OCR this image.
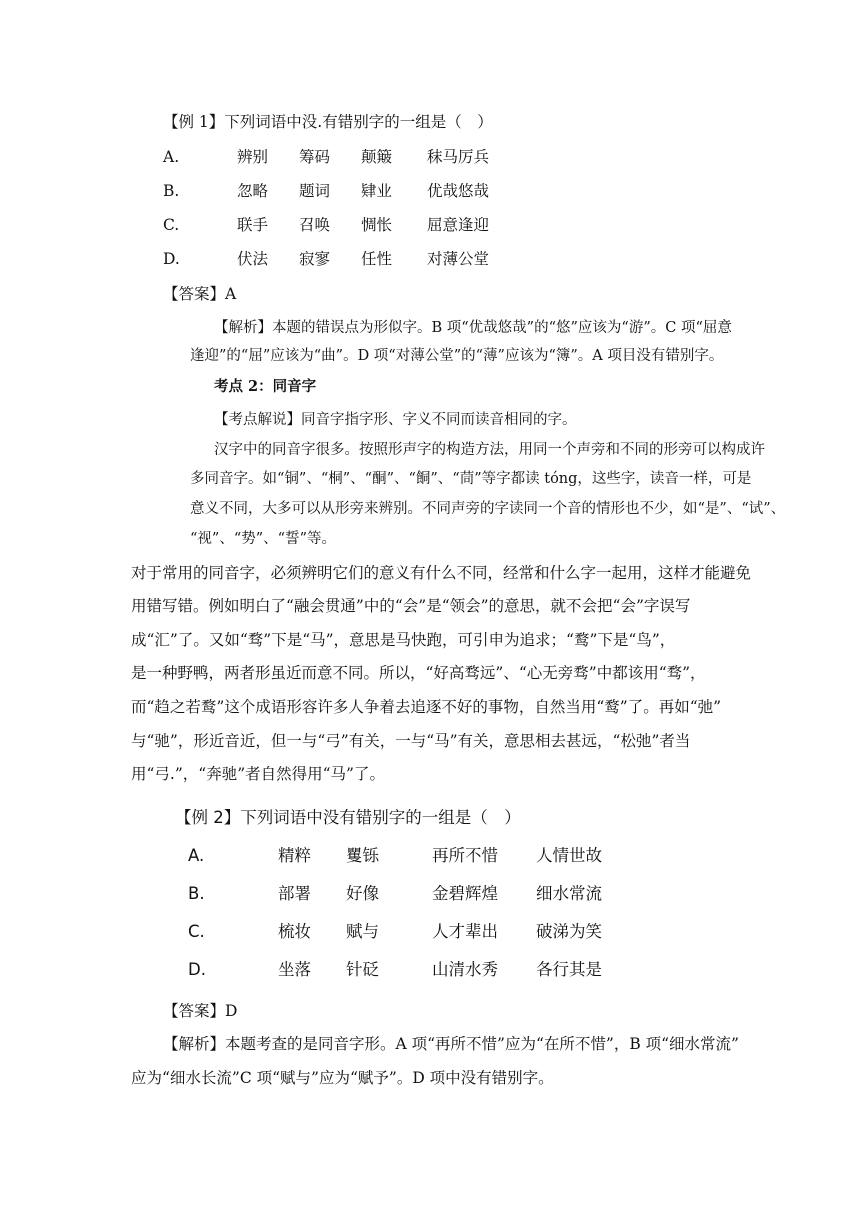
【例 1】下列词语中没.有错别字的一组是（　）
A.	辨别 筹码 颠簸 秣马厉兵
B.	忽略 题词 肄业 优哉悠哉
C.	联手 召唤 惆怅 屈意逢迎
D.	伏法 寂寥 任性 对薄公堂
【答案】A
【解析】本题的错误点为形似字。B 项“优哉悠哉”的“悠”应该为“游”。C 项“屈意
逢迎”的“屈”应该为“曲”。D 项“对薄公堂”的“薄”应该为“簿”。A 项目没有错别字。
考点 2：同音字
【考点解说】同音字指字形、字义不同而读音相同的字。
汉字中的同音字很多。按照形声字的构造方法，用同一个声旁和不同的形旁可以构成许
多同音字。如“铜”、“桐”、“酮”、“餇”、“茼”等字都读 tóng，这些字，读音一样，可是
意义不同，大多可以从形旁来辨别。不同声旁的字读同一个音的情形也不少，如“是”、“试”、
“视”、“势”、“誓”等。
对于常用的同音字，必须辨明它们的意义有什么不同，经常和什么字一起用，这样才能避免
用错写错。例如明白了“融会贯通”中的“会”是“领会”的意思，就不会把“会”字误写
成“汇”了。又如“骛”下是“马”，意思是马快跑，可引申为追求；“鹜”下是“鸟”，
是一种野鸭，两者形虽近而意不同。所以，“好高骛远”、“心无旁骛”中都该用“骛”，
而“趋之若鹜”这个成语形容许多人争着去追逐不好的事物，自然当用“鹜”了。再如“弛”
与“驰”，形近音近，但一与“弓”有关，一与“马”有关，意思相去甚远，“松弛”者当
用“弓.”，“奔驰”者自然得用“马”了。
【例 2】下列词语中没有错别字的一组是（　）
A.	精粹 矍铄	再所不惜 人情世故
B.	部署 好像	金碧辉煌 细水常流
C.	梳妆 赋与	人才辈出 破涕为笑
D.	坐落 针砭	山清水秀 各行其是
【答案】D
【解析】本题考查的是同音字形。A 项“再所不惜”应为“在所不惜”，B 项“细水常流”
应为“细水长流”C 项“赋与”应为“赋予”。D 项中没有错别字。
